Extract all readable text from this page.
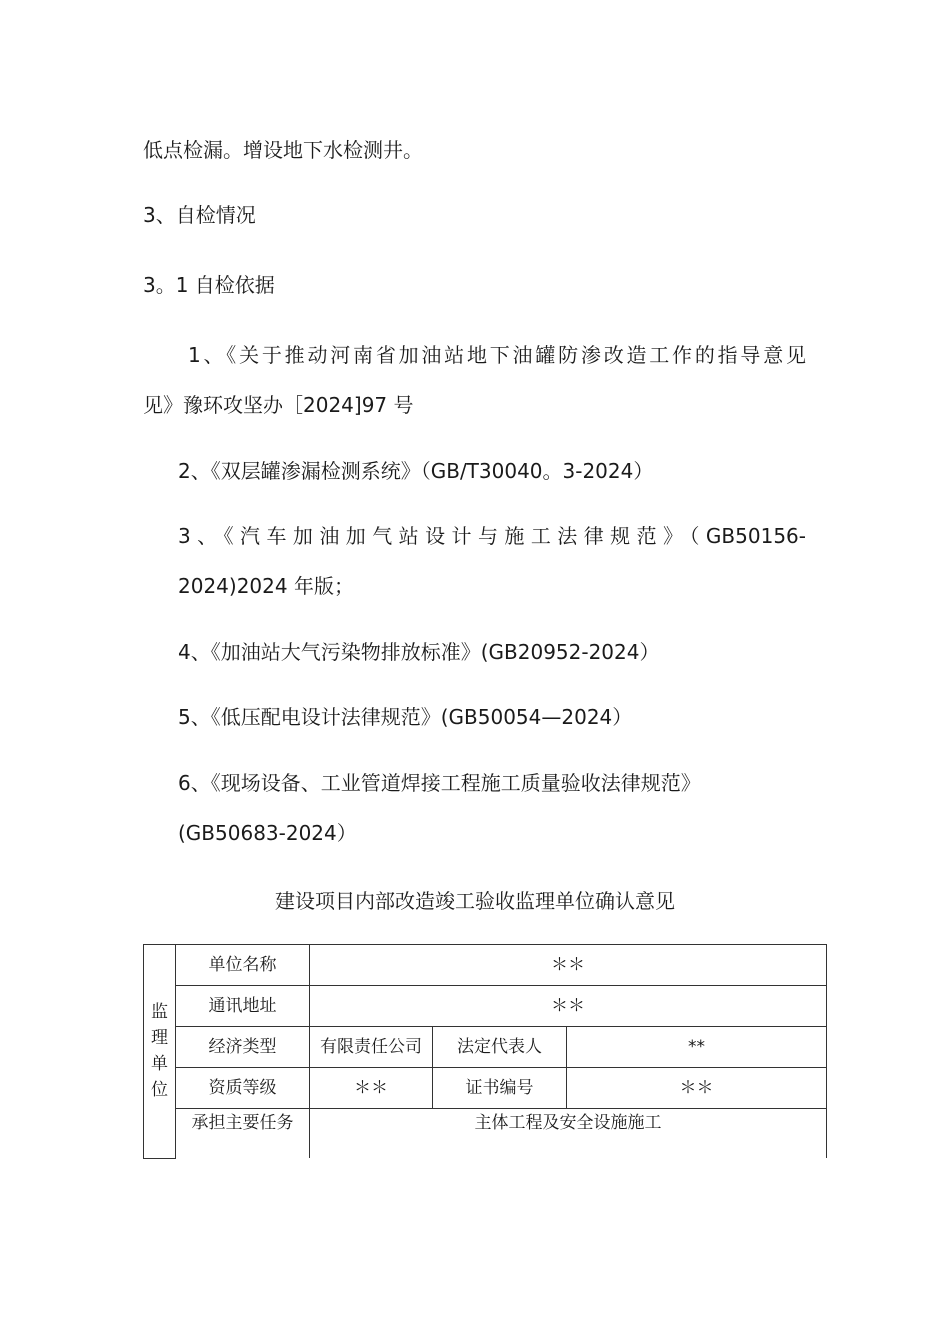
低点检漏。增设地下水检测井。
3、自检情况
3。1 自检依据
1、《关于推动河南省加油站地下油罐防渗改造工作的指导意见
见》豫环攻坚办［2024]97 号
2、《双层罐渗漏检测系统》（GB/T30040。3-2024）
3、《汽车加油加气站设计与施工法律规范》（GB50156-
2024)2024 年版；
4、《加油站大气污染物排放标准》(GB20952-2024）
5、《低压配电设计法律规范》(GB50054—2024）
6、《现场设备、工业管道焊接工程施工质量验收法律规范》
(GB50683-2024）
建设项目内部改造竣工验收监理单位确认意见
监
理
单
位	单位名称	＊＊		
	通讯地址	＊＊		
	经济类型	有限责任公司	法定代表人	**
	资质等级	＊＊	证书编号	＊＊
	承担主要任务	主体工程及安全设施施工		
